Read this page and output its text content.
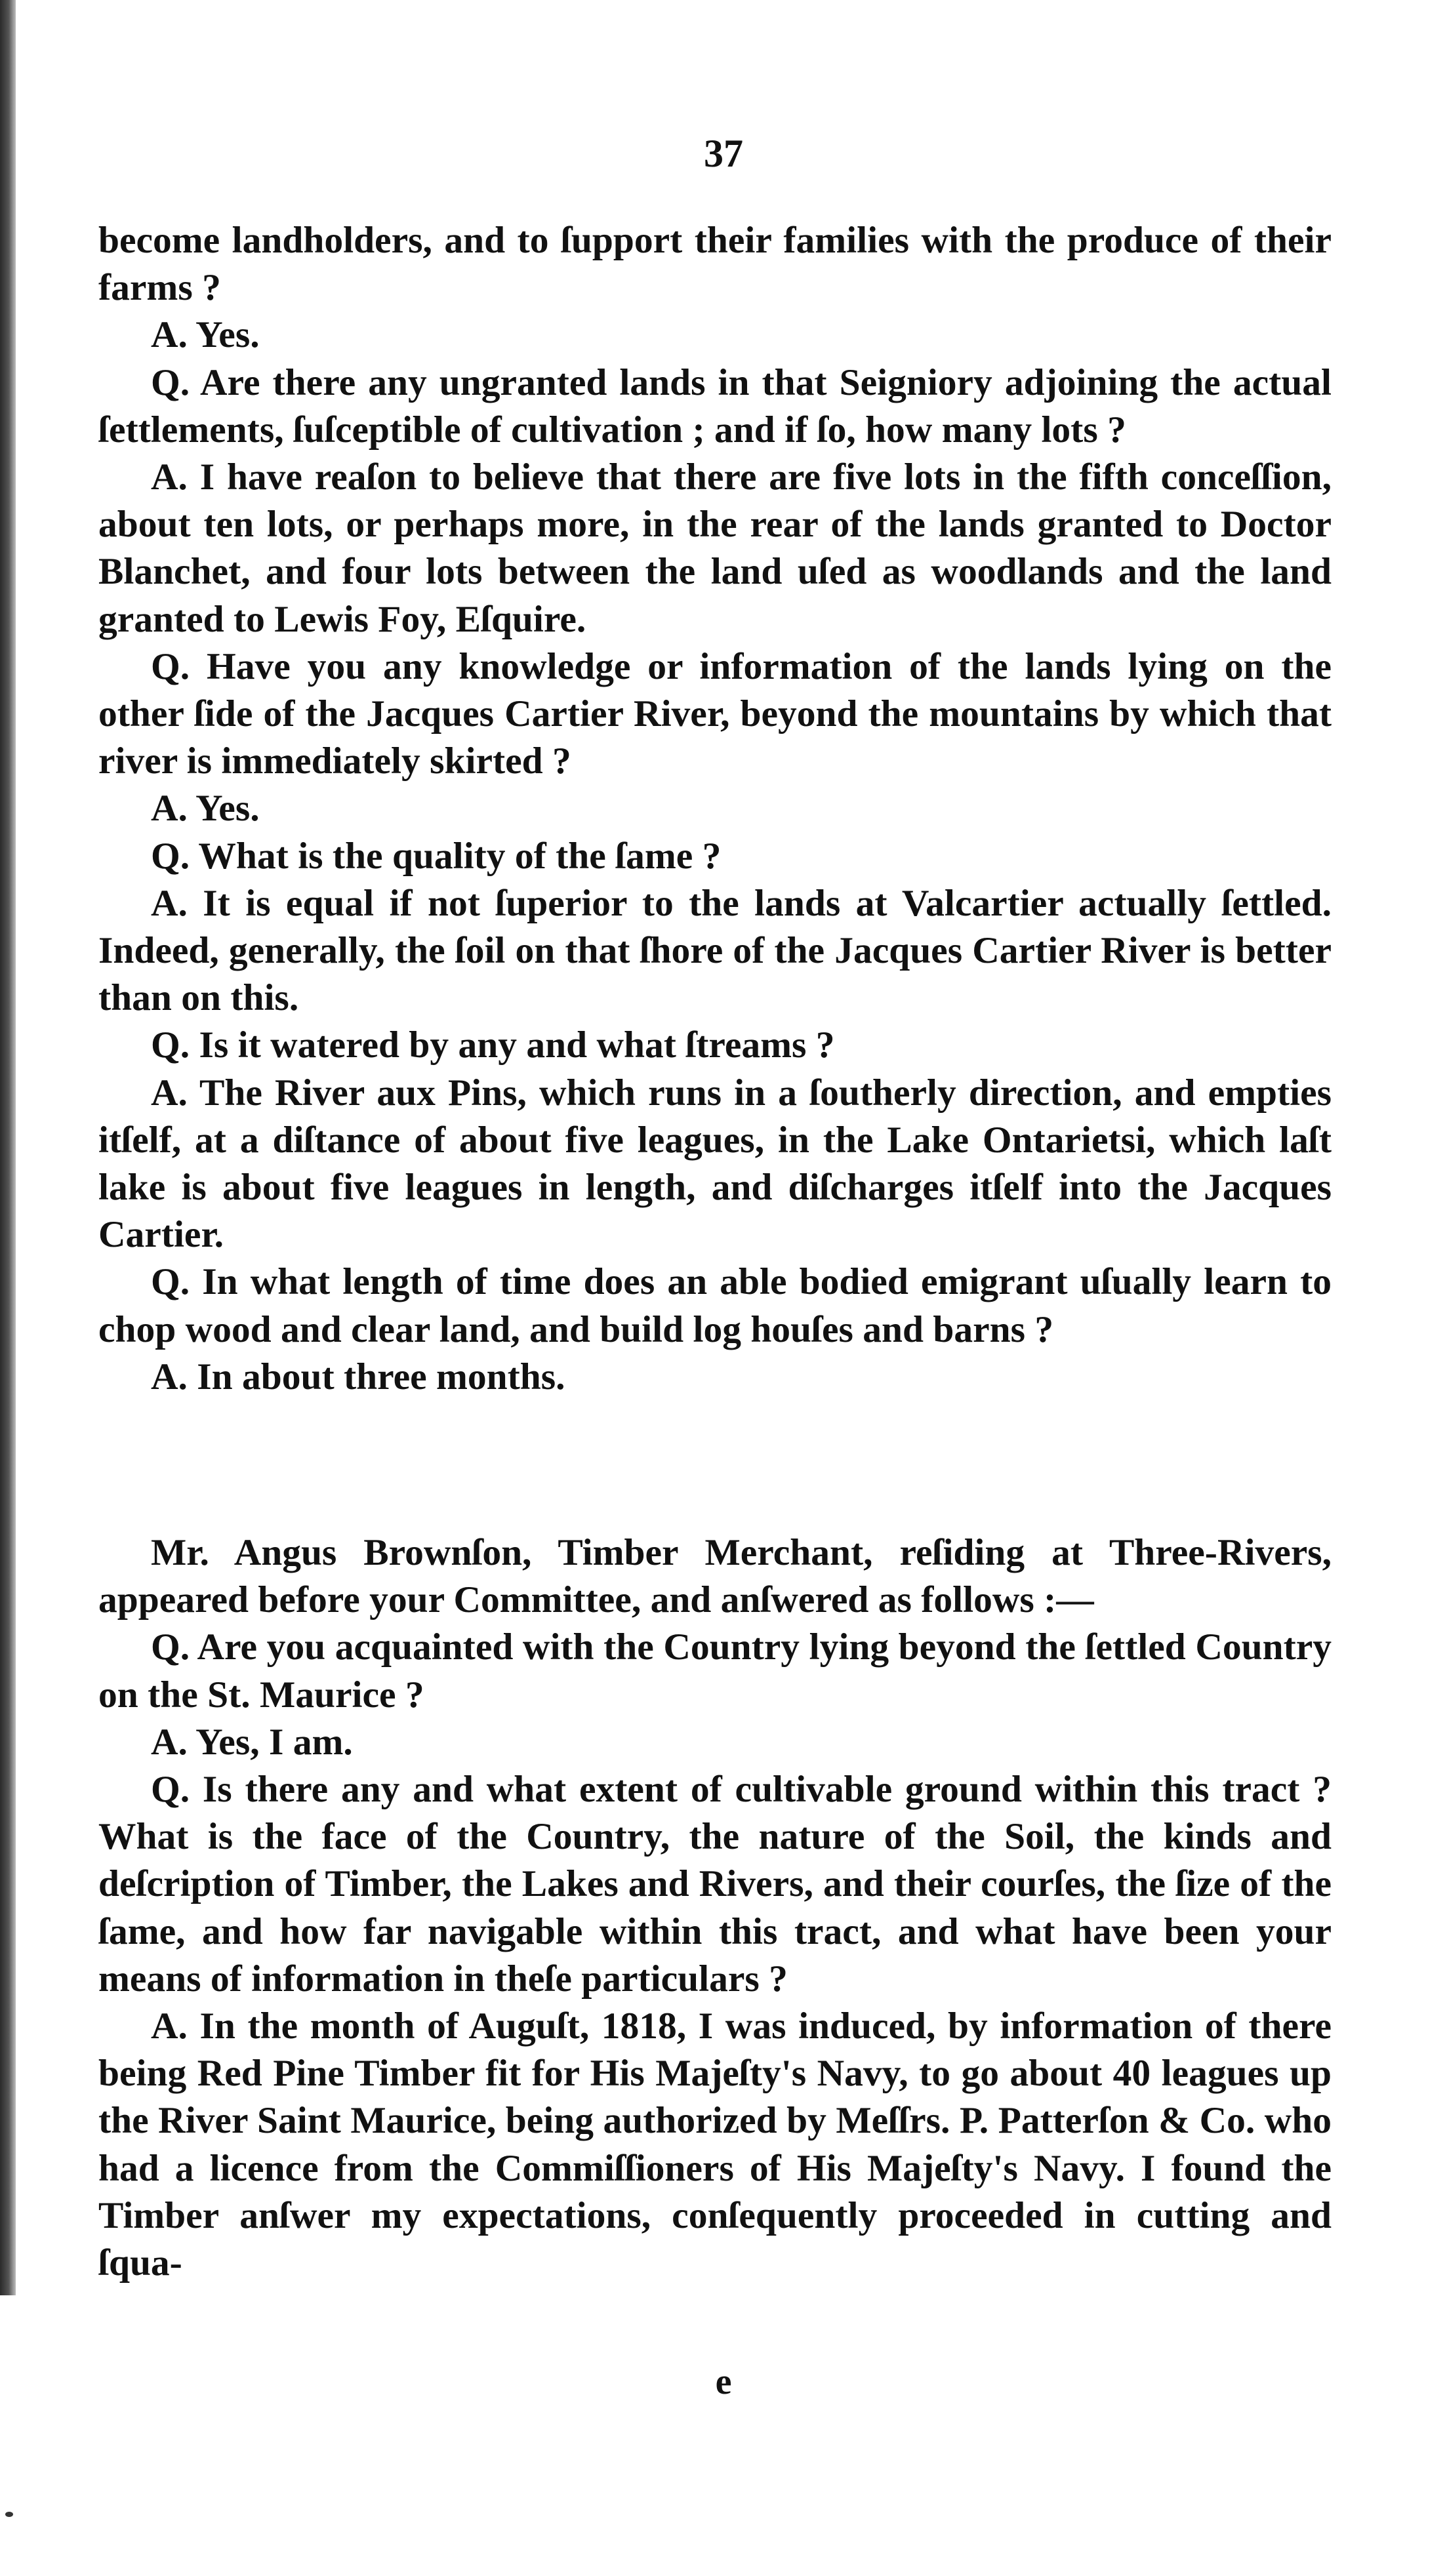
37

become landholders, and to ſupport their families with the produce of their farms ?

A. Yes.

Q. Are there any ungranted lands in that Seigniory adjoining the actual ſettlements, ſuſceptible of cultivation ; and if ſo, how many lots ?

A. I have reaſon to believe that there are five lots in the fifth conceſſion, about ten lots, or perhaps more, in the rear of the lands granted to Doctor Blanchet, and four lots between the land uſed as woodlands and the land granted to Lewis Foy, Eſquire.

Q. Have you any knowledge or information of the lands lying on the other ſide of the Jacques Cartier River, beyond the mountains by which that river is immediately skirted ?

A. Yes.

Q. What is the quality of the ſame ?

A. It is equal if not ſuperior to the lands at Valcartier actually ſettled. Indeed, generally, the ſoil on that ſhore of the Jacques Cartier River is better than on this.

Q. Is it watered by any and what ſtreams ?

A. The River aux Pins, which runs in a ſoutherly direction, and empties itſelf, at a diſtance of about five leagues, in the Lake Ontarietsi, which laſt lake is about five leagues in length, and diſcharges itſelf into the Jacques Cartier.

Q. In what length of time does an able bodied emigrant uſually learn to chop wood and clear land, and build log houſes and barns ?

A. In about three months.

Mr. Angus Brownſon, Timber Merchant, reſiding at Three-Rivers, appeared before your Committee, and anſwered as follows :—

Q. Are you acquainted with the Country lying beyond the ſettled Country on the St. Maurice ?

A. Yes, I am.

Q. Is there any and what extent of cultivable ground within this tract ? What is the face of the Country, the nature of the Soil, the kinds and deſcription of Timber, the Lakes and Rivers, and their courſes, the ſize of the ſame, and how far navigable within this tract, and what have been your means of information in theſe particulars ?

A. In the month of Auguſt, 1818, I was induced, by information of there being Red Pine Timber fit for His Majeſty's Navy, to go about 40 leagues up the River Saint Maurice, being authorized by Meſſrs. P. Patterſon & Co. who had a licence from the Commiſſioners of His Majeſty's Navy. I found the Timber anſwer my expectations, conſequently proceeded in cutting and ſqua-

e
